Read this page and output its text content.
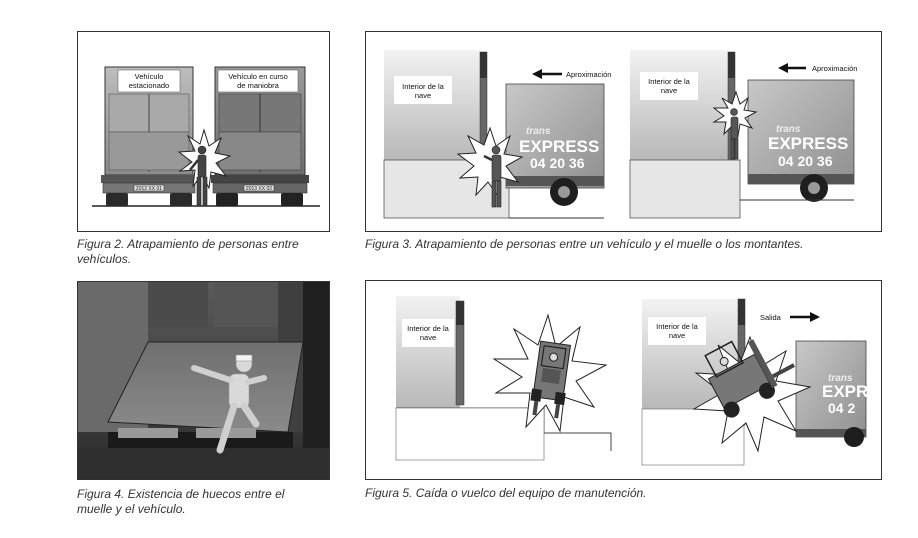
Vehículo
estacionado
Vehículo en curso
de maniobra
2012 XX 01	2013 XX 02
Figura 2. Atrapamiento de personas entre
vehículos.
Interior de la
nave
Aproximación
trans
EXPRESS
04 20 36
Interior de la
nave
Aproximación
trans
EXPRESS
04 20 36
Figura 3. Atrapamiento de personas entre un vehículo y el muelle o los montantes.
Figura 4. Existencia de huecos entre el
muelle y el vehículo.
Interior de la
nave
Interior de la
nave
Salida
trans
EXPR
04 2
Figura 5. Caída o vuelco del equipo de manutención.
